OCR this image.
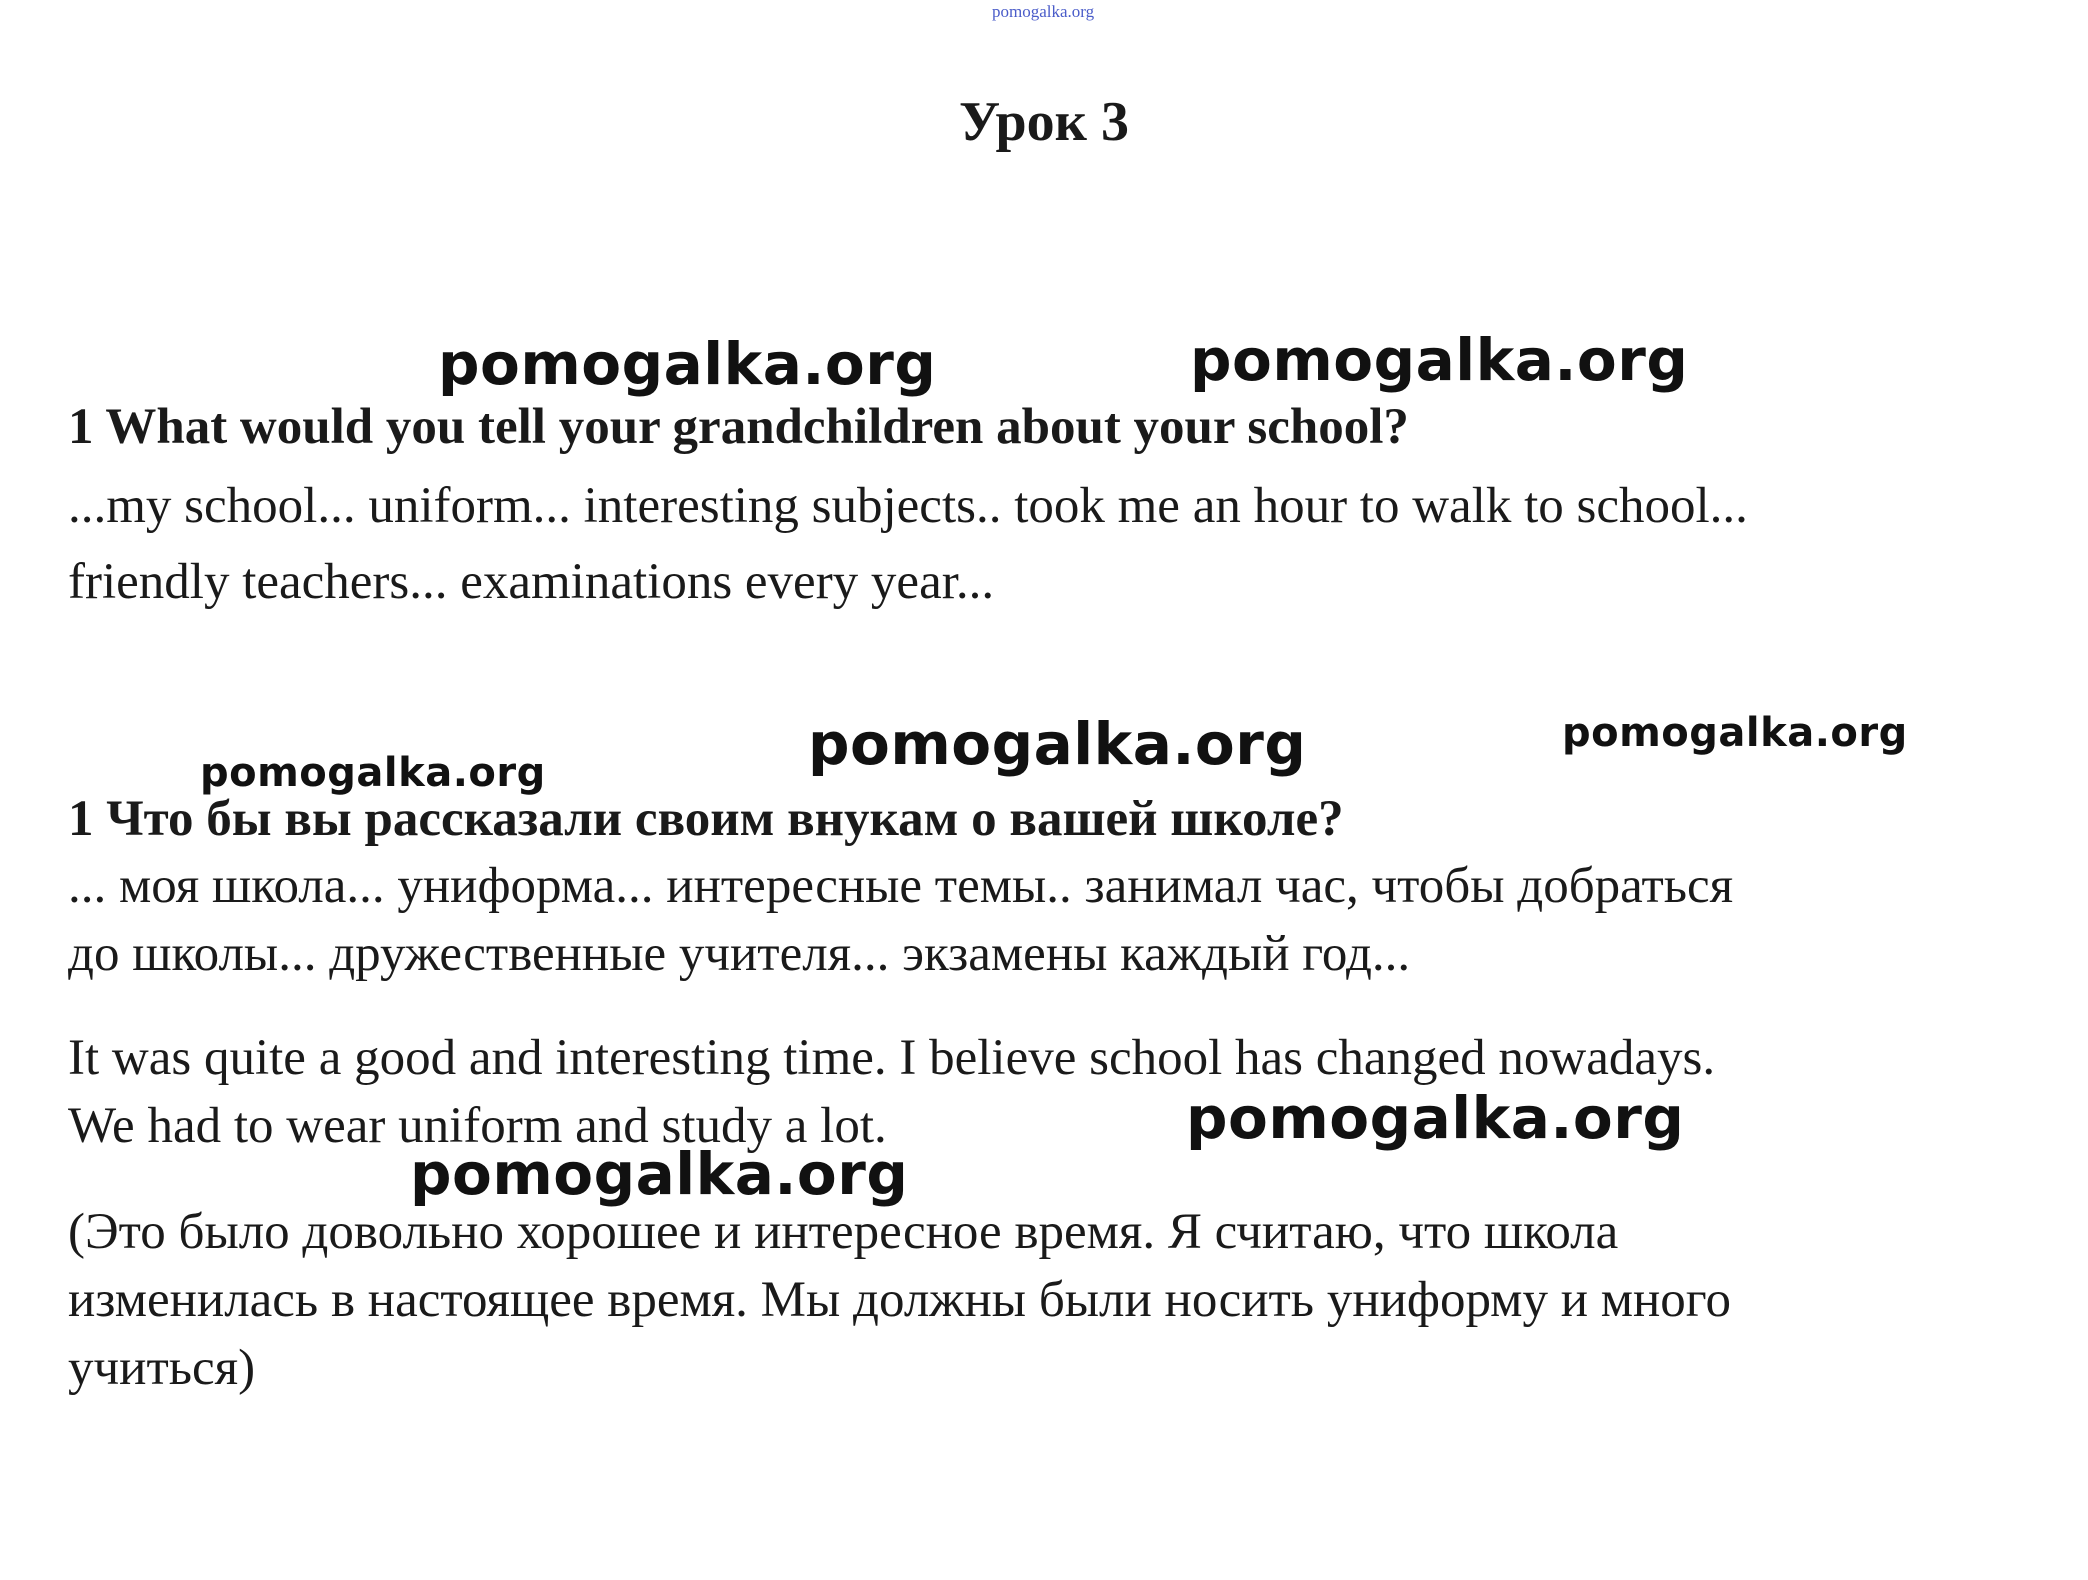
pomogalka.org
Урок 3
pomogalka.org	pomogalka.org
1 What would you tell your grandchildren about your school?
...my school... uniform... interesting subjects.. took me an hour to walk to school...
friendly teachers... examinations every year...
pomogalka.org	pomogalka.org	pomogalka.org
1 Что бы вы рассказали своим внукам о вашей школе?
... моя школа... униформа... интересные темы.. занимал час, чтобы добраться
до школы... дружественные учителя... экзамены каждый год...
It was quite a good and interesting time. I believe school has changed nowadays.
We had to wear uniform and study a lot.	pomogalka.org
pomogalka.org
(Это было довольно хорошее и интересное время. Я считаю, что школа
изменилась в настоящее время. Мы должны были носить униформу и много
учиться)
